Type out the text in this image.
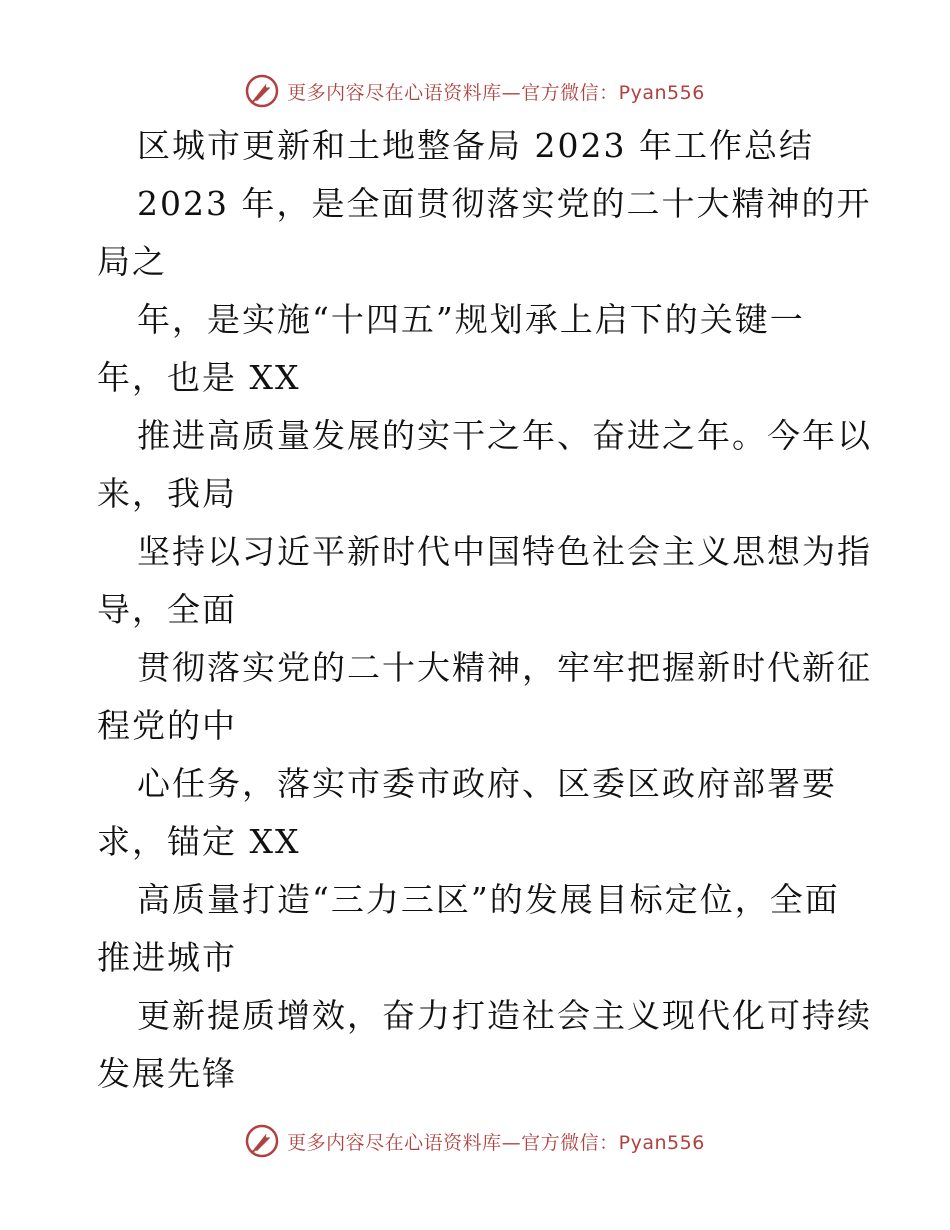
更多内容尽在心语资料库—官方微信：Pyan556
区城市更新和土地整备局 2023 年工作总结
2023 年，是全面贯彻落实党的二十大精神的开
局之
年，是实施“十四五”规划承上启下的关键一
年，也是 XX
推进高质量发展的实干之年、奋进之年。今年以
来，我局
坚持以习近平新时代中国特色社会主义思想为指
导，全面
贯彻落实党的二十大精神，牢牢把握新时代新征
程党的中
心任务，落实市委市政府、区委区政府部署要
求，锚定 XX
高质量打造“三力三区”的发展目标定位，全面
推进城市
更新提质增效，奋力打造社会主义现代化可持续
发展先锋
更多内容尽在心语资料库—官方微信：Pyan556
